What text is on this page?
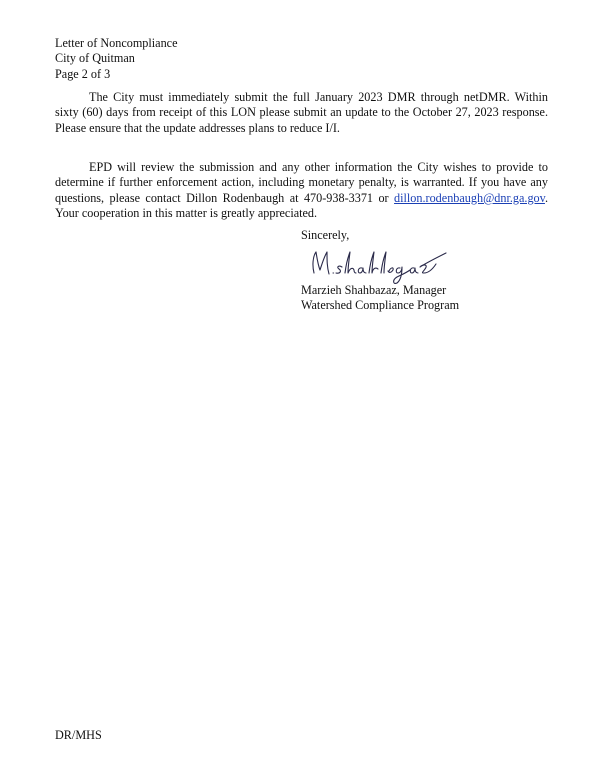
Letter of Noncompliance
City of Quitman
Page 2 of 3

The City must immediately submit the full January 2023 DMR through netDMR. Within sixty (60) days from receipt of this LON please submit an update to the October 27, 2023 response. Please ensure that the update addresses plans to reduce I/I.

EPD will review the submission and any other information the City wishes to provide to determine if further enforcement action, including monetary penalty, is warranted. If you have any questions, please contact Dillon Rodenbaugh at 470-938-3371 or dillon.rodenbaugh@dnr.ga.gov. Your cooperation in this matter is greatly appreciated.

Sincerely,
Marzieh Shahbazaz, Manager
Watershed Compliance Program
DR/MHS
